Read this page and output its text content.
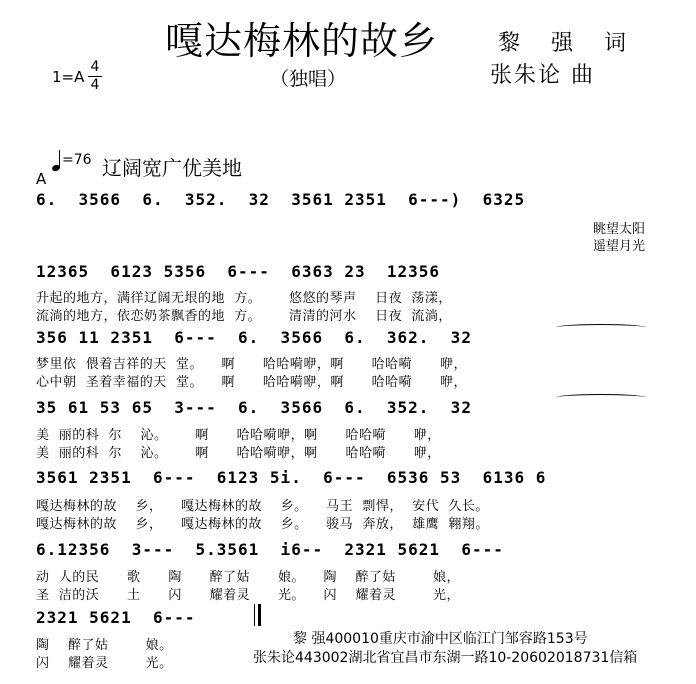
嘎达梅林的故乡
（独唱）
黎 强 词
张朱论 曲
1=A
4
4
A
=76 辽阔宽广优美地
6.  3566  6.  352.  32  3561 2351  6---)  6325
眺望太阳
遥望月光
12365  6123 5356  6---  6363 23  12356
升起的地方，满徉辽阔无垠的地  方。      悠悠的琴声    日夜  荡漾，
流淌的地方，依恋奶茶飘香的地  方。      清清的河水    日夜  流淌，
356 11 2351  6---  6.  3566  6.  362.  32
梦里依  偎着吉祥的天  堂。    啊      哈哈嗬咿，啊      哈哈嗬      咿，
心中朝  圣着幸福的天  堂。    啊      哈哈嗬咿，啊      哈哈嗬      咿，
35 61 53 65  3---  6.  3566  6.  352.  32
美  丽的科  尔    沁。      啊      哈哈嗬咿，啊      哈哈嗬      咿，
美  丽的科  尔    沁。      啊      哈哈嗬咿，啊      哈哈嗬      咿，
3561 2351  6---  6123 5i.  6---  6536 53  6136 6
嘎达梅林的故    乡，    嘎达梅林的故    乡。    马王  剽悍，  安代  久长。
嘎达梅林的故    乡，    嘎达梅林的故    乡。    骏马  奔放，  雄鹰  翱翔。
6.12356  3---  5.3561  i6--  2321 5621  6---
动  人的民      歌      陶      醉了姑      娘。    陶    醉了姑        娘，
圣  洁的沃      土      闪      耀着灵      光。    闪    耀着灵        光，
2321 5621  6---
陶    醉了姑        娘。
闪    耀着灵        光。
黎 强400010重庆市渝中区临江门邹容路153号
张朱论443002湖北省宜昌市东湖一路10-20602018731信箱
